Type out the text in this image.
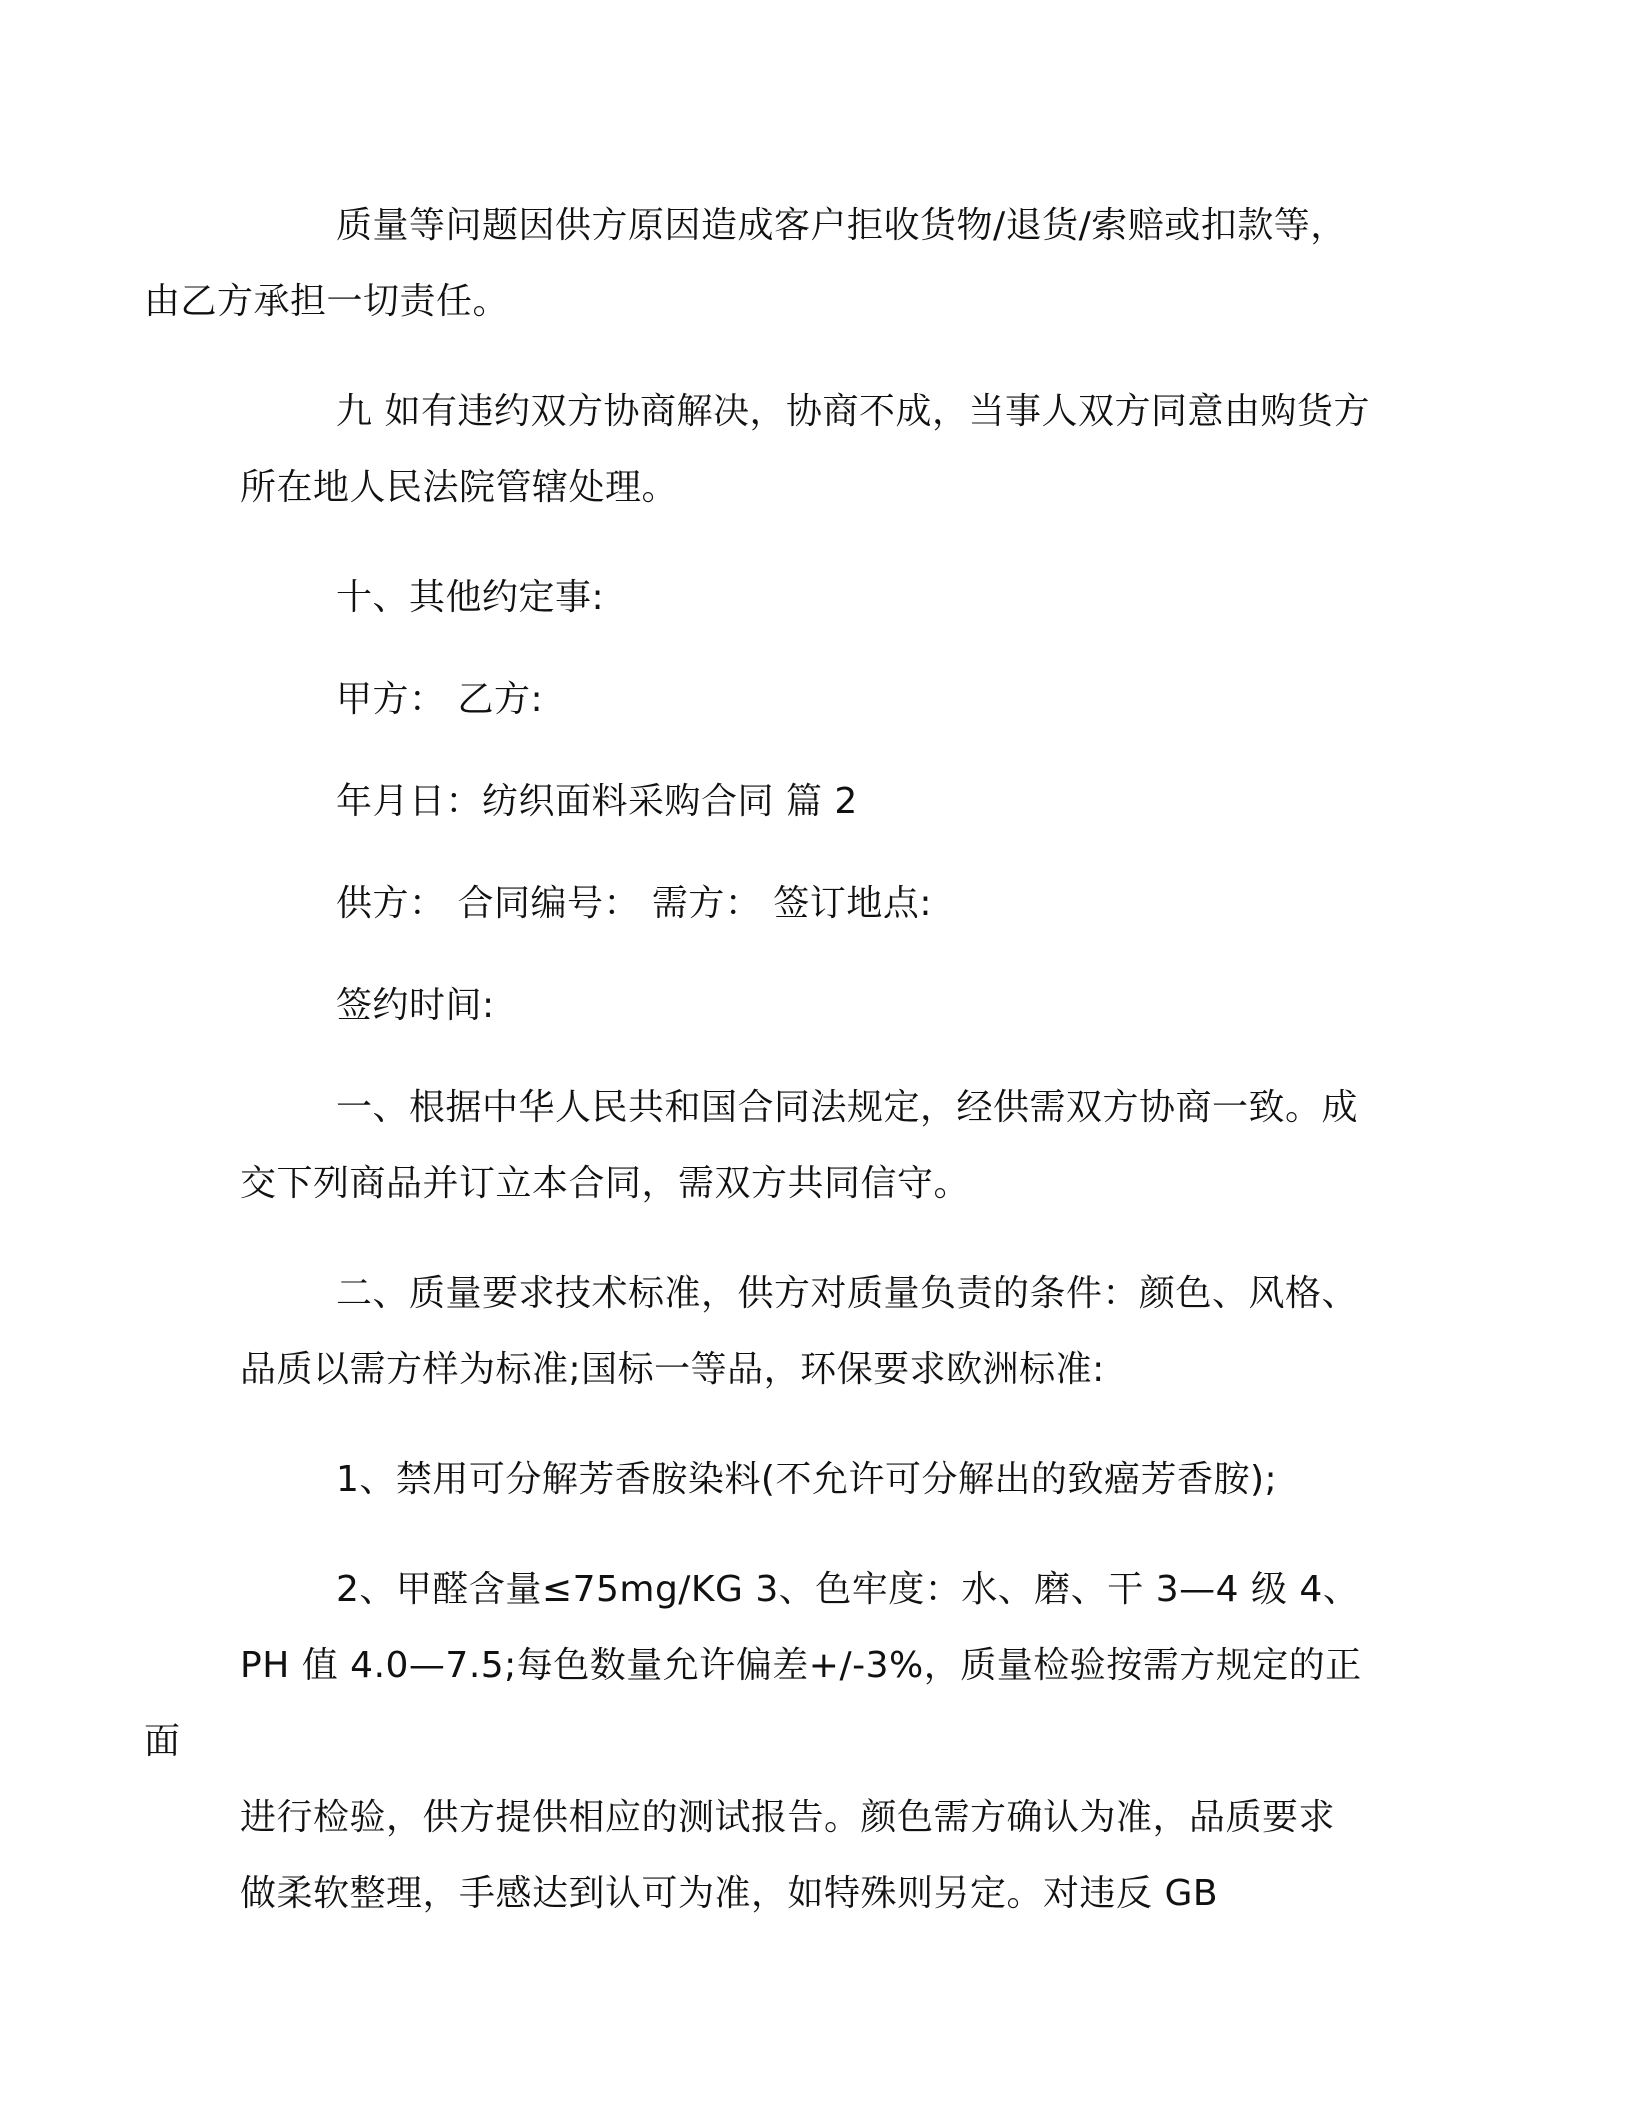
质量等问题因供方原因造成客户拒收货物/退货/索赔或扣款等，
由乙方承担一切责任。

九 如有违约双方协商解决，协商不成，当事人双方同意由购货方
所在地人民法院管辖处理。

十、其他约定事:

甲方： 乙方:

年月日：纺织面料采购合同 篇 2

供方： 合同编号： 需方： 签订地点:

签约时间:

一、根据中华人民共和国合同法规定，经供需双方协商一致。成
交下列商品并订立本合同，需双方共同信守。

二、质量要求技术标准，供方对质量负责的条件：颜色、风格、
品质以需方样为标准;国标一等品，环保要求欧洲标准:

1、禁用可分解芳香胺染料(不允许可分解出的致癌芳香胺);

2、甲醛含量≤75mg/KG 3、色牢度：水、磨、干 3—4 级 4、
PH 值 4.0—7.5;每色数量允许偏差+/-3%，质量检验按需方规定的正面
进行检验，供方提供相应的测试报告。颜色需方确认为准，品质要求
做柔软整理，手感达到认可为准，如特殊则另定。对违反 GB
